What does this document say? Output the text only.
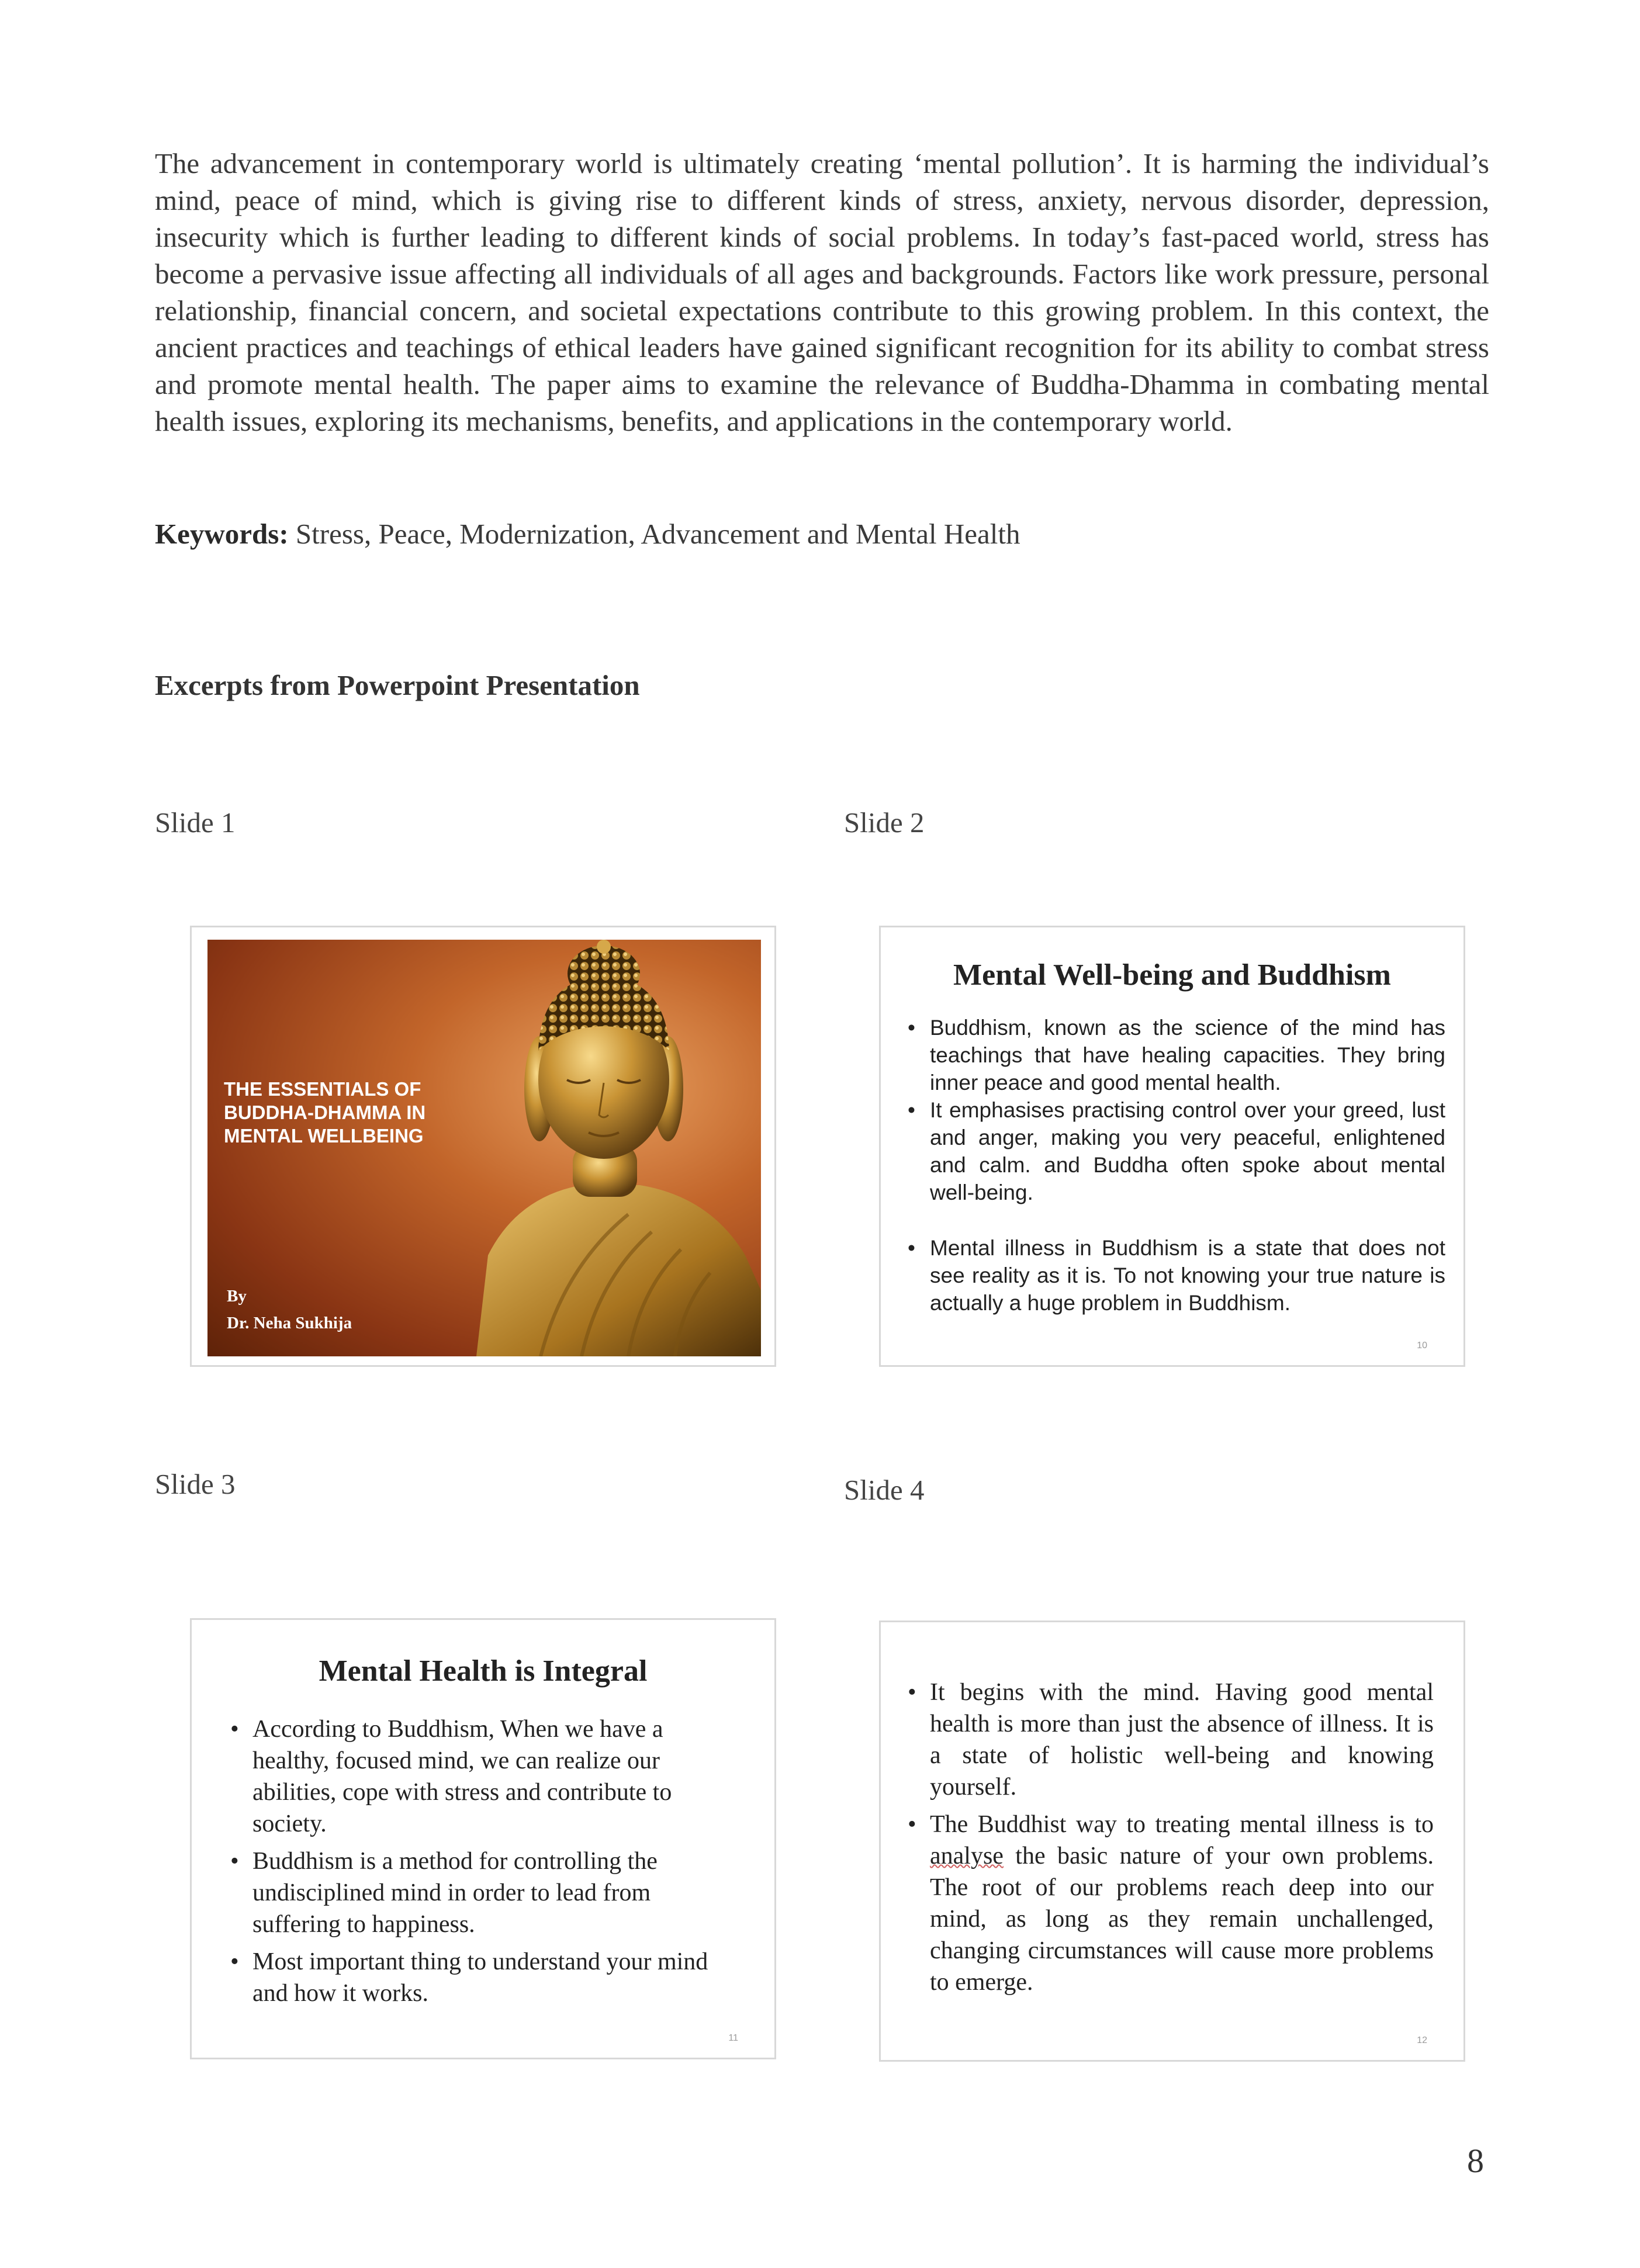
The advancement in contemporary world is ultimately creating ‘mental pollution’. It is harming the individual’s mind, peace of mind, which is giving rise to different kinds of stress, anxiety, nervous disorder, depression, insecurity which is further leading to different kinds of social problems. In today’s fast-paced world, stress has become a pervasive issue affecting all individuals of all ages and backgrounds. Factors like work pressure, personal relationship, financial concern, and societal expectations contribute to this growing problem. In this context, the ancient practices and teachings of ethical leaders have gained significant recognition for its ability to combat stress and promote mental health. The paper aims to examine the relevance of Buddha-Dhamma in combating mental health issues, exploring its mechanisms, benefits, and applications in the contemporary world.

Keywords: Stress, Peace, Modernization, Advancement and Mental Health

Excerpts from Powerpoint Presentation

Slide 1	Slide 2

Slide 3	Slide 4

THE ESSENTIALS OF BUDDHA-DHAMMA IN MENTAL WELLBEING

By
Dr. Neha Sukhija

Mental Well-being and Buddhism

• Buddhism, known as the science of the mind has teachings that have healing capacities. They bring inner peace and good mental health.
• It emphasises practising control over your greed, lust and anger, making you very peaceful, enlightened and calm. and Buddha often spoke about mental well-being.
• Mental illness in Buddhism is a state that does not see reality as it is. To not knowing your true nature is actually a huge problem in Buddhism.
10

Mental Health is Integral

• According to Buddhism, When we have a healthy, focused mind, we can realize our abilities, cope with stress and contribute to society.
• Buddhism is a method for controlling the undisciplined mind in order to lead from suffering to happiness.
• Most important thing to understand your mind and how it works.
11
• It begins with the mind. Having good mental health is more than just the absence of illness. It is a state of holistic well-being and knowing yourself.
• The Buddhist way to treating mental illness is to analyse the basic nature of your own problems. The root of our problems reach deep into our mind, as long as they remain unchallenged, changing circumstances will cause more problems to emerge.
12

8
